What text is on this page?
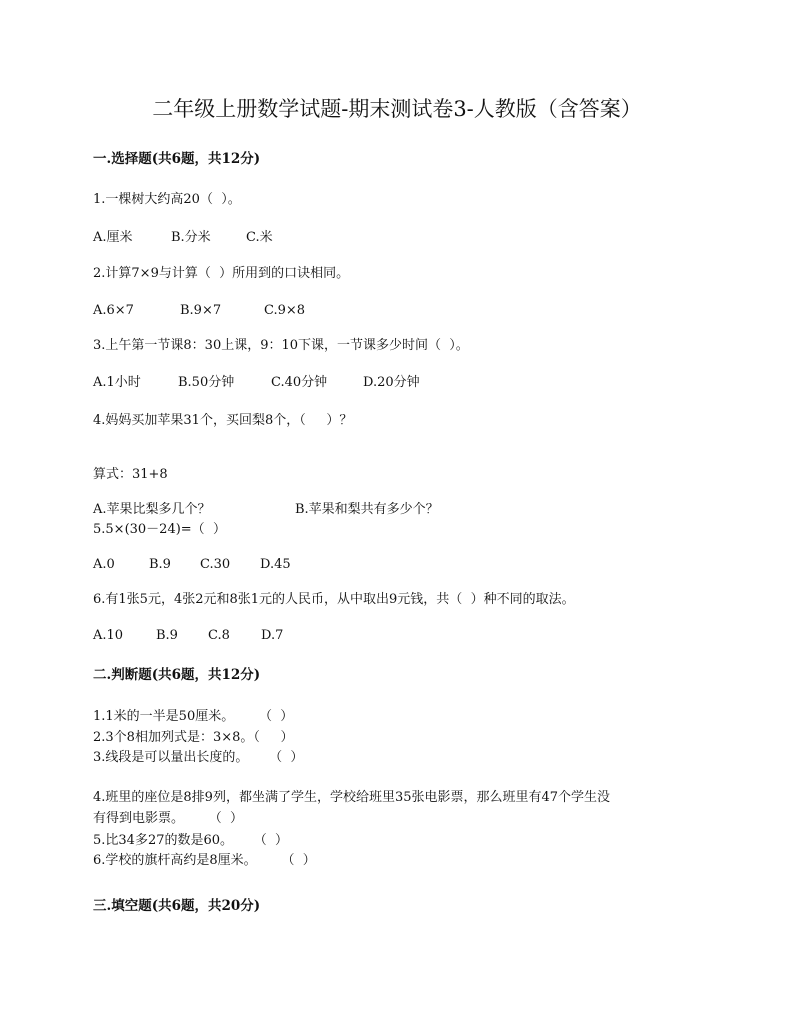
二年级上册数学试题-期末测试卷3-人教版（含答案）
一.选择题(共6题，共12分)
1.一棵树大约高20（  ）。
A.厘米	B.分米	C.米
2.计算7×9与计算（  ）所用到的口诀相同。
A.6×7	B.9×7	C.9×8
3.上午第一节课8：30上课，9：10下课，一节课多少时间（  ）。
A.1小时	B.50分钟	C.40分钟	D.20分钟
4.妈妈买加苹果31个，买回梨8个，（     ）？
算式：31+8
A.苹果比梨多几个？	B.苹果和梨共有多少个？
5.5×(30－24)=（  ）
A.0	B.9 C.30 D.45
6.有1张5元，4张2元和8张1元的人民币，从中取出9元钱，共（  ）种不同的取法。
A.10	B.9 C.8 D.7
二.判断题(共6题，共12分)
1.1米的一半是50厘米。      （  ）
2.3个8相加列式是：3×8。（     ）
3.线段是可以量出长度的。     （  ）
4.班里的座位是8排9列，都坐满了学生，学校给班里35张电影票，那么班里有47个学生没
有得到电影票。      （  ）
5.比34多27的数是60。     （  ）
6.学校的旗杆高约是8厘米。      （  ）
三.填空题(共6题，共20分)
